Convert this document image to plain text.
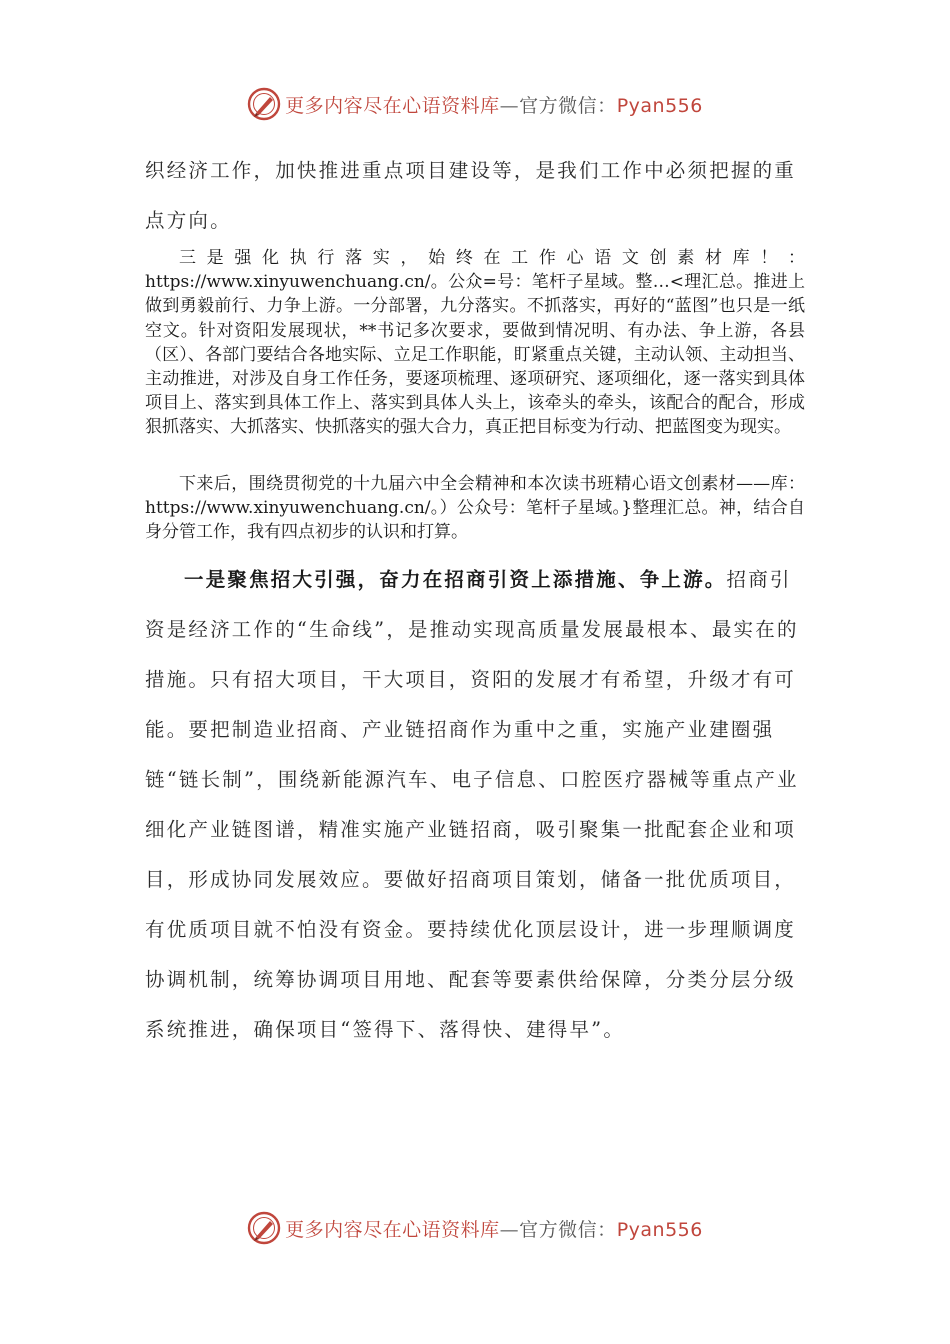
更多内容尽在心语资料库—官方微信：Pyan556

织经济工作，加快推进重点项目建设等，是我们工作中必须把握的重点方向。

三是强化执行落实，始终在工作心语文创素材库！：https://www.xinyuwenchuang.cn/。公众=号：笔杆子星域。整…<理汇总。推进上做到勇毅前行、力争上游。一分部署，九分落实。不抓落实，再好的“蓝图”也只是一纸空文。针对资阳发展现状，**书记多次要求，要做到情况明、有办法、争上游，各县（区）、各部门要结合各地实际、立足工作职能，盯紧重点关键，主动认领、主动担当、主动推进，对涉及自身工作任务，要逐项梳理、逐项研究、逐项细化，逐一落实到具体项目上、落实到具体工作上、落实到具体人头上，该牵头的牵头，该配合的配合，形成狠抓落实、大抓落实、快抓落实的强大合力，真正把目标变为行动、把蓝图变为现实。

下来后，围绕贯彻党的十九届六中全会精神和本次读书班精心语文创素材——库：https://www.xinyuwenchuang.cn/。）公众号：笔杆子星域。}整理汇总。神，结合自身分管工作，我有四点初步的认识和打算。

一是聚焦招大引强，奋力在招商引资上添措施、争上游。招商引资是经济工作的“生命线”，是推动实现高质量发展最根本、最实在的措施。只有招大项目，干大项目，资阳的发展才有希望，升级才有可能。要把制造业招商、产业链招商作为重中之重，实施产业建圈强链“链长制”，围绕新能源汽车、电子信息、口腔医疗器械等重点产业细化产业链图谱，精准实施产业链招商，吸引聚集一批配套企业和项目，形成协同发展效应。要做好招商项目策划，储备一批优质项目，有优质项目就不怕没有资金。要持续优化顶层设计，进一步理顺调度协调机制，统筹协调项目用地、配套等要素供给保障，分类分层分级系统推进，确保项目“签得下、落得快、建得早”。

更多内容尽在心语资料库—官方微信：Pyan556
